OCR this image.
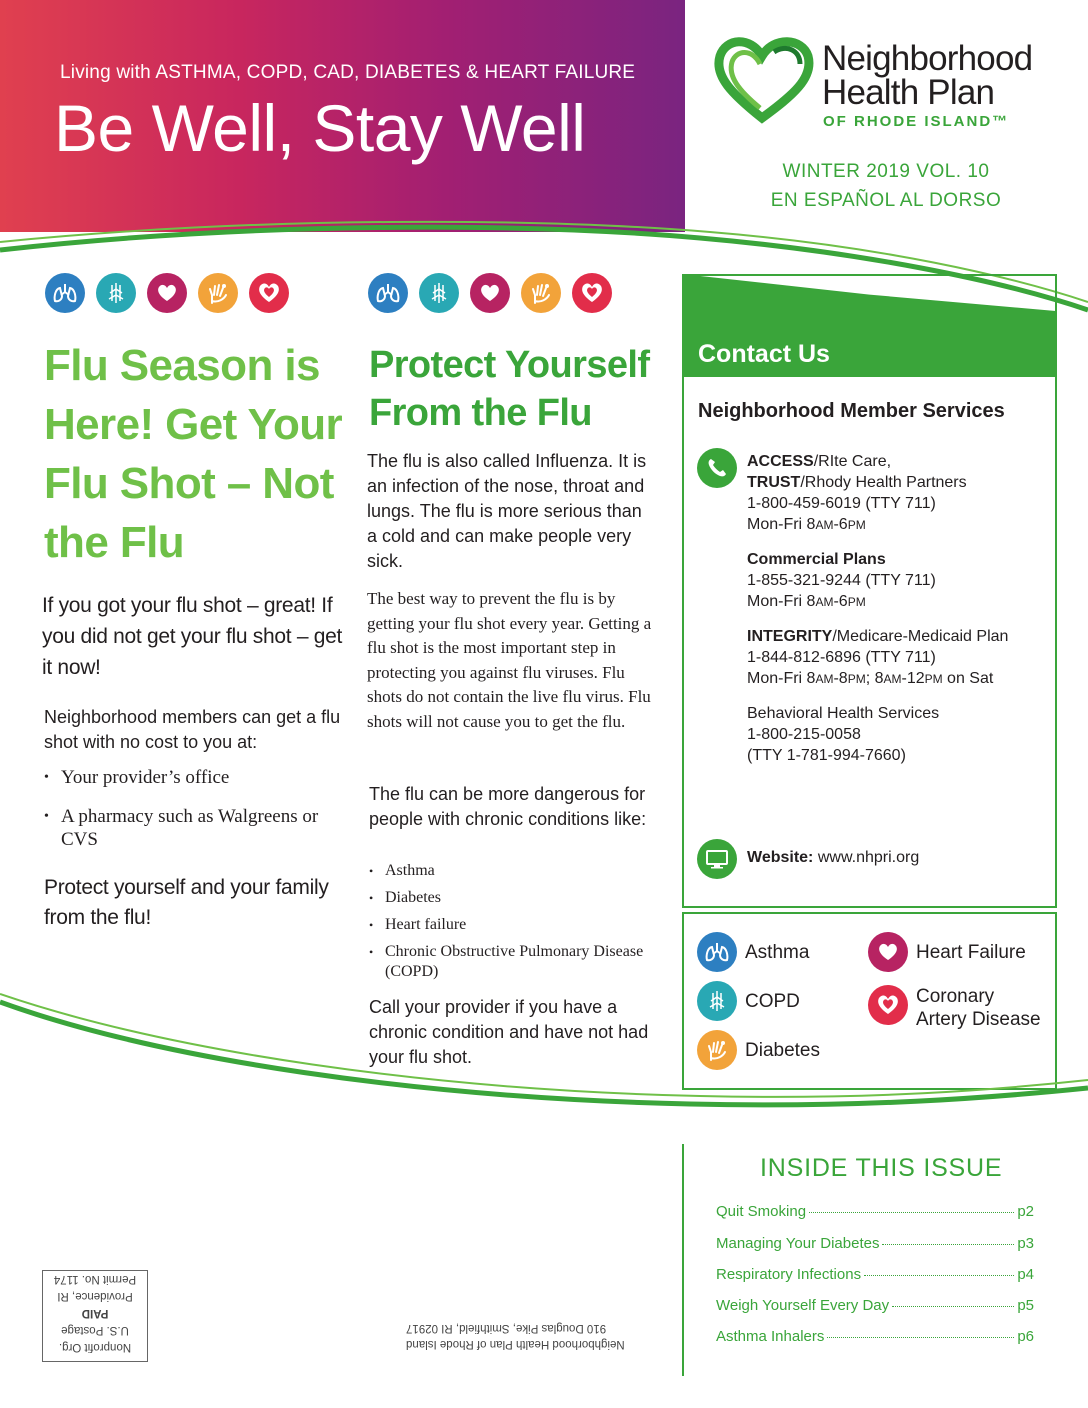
Living with ASTHMA, COPD, CAD, DIABETES & HEART FAILURE
Be Well, Stay Well
Neighborhood
Health Plan
OF RHODE ISLAND™
WINTER 2019 VOL. 10
EN ESPAÑOL AL DORSO
Flu Season is Here! Get Your Flu Shot – Not the Flu

If you got your flu shot – great! If you did not get your flu shot – get it now!

Neighborhood members can get a flu shot with no cost to you at:

• Your provider’s office
• A pharmacy such as Walgreens or CVS

Protect yourself and your family from the flu!

Protect Yourself From the Flu

The flu is also called Influenza. It is an infection of the nose, throat and lungs. The flu is more serious than a cold and can make people very sick.

The best way to prevent the flu is by getting your flu shot every year. Getting a flu shot is the most important step in protecting you against flu viruses. Flu shots do not contain the live flu virus. Flu shots will not cause you to get the flu.

The flu can be more dangerous for people with chronic conditions like:

• Asthma
• Diabetes
• Heart failure
• Chronic Obstructive Pulmonary Disease (COPD)

Call your provider if you have a chronic condition and have not had your flu shot.

Contact Us
Neighborhood Member Services
ACCESS/RIte Care,
TRUST/Rhody Health Partners
1-800-459-6019 (TTY 711)
Mon-Fri 8AM-6PM
Commercial Plans
1-855-321-9244 (TTY 711)
Mon-Fri 8AM-6PM
INTEGRITY/Medicare-Medicaid Plan
1-844-812-6896 (TTY 711)
Mon-Fri 8AM-8PM; 8AM-12PM on Sat
Behavioral Health Services
1-800-215-0058
(TTY 1-781-994-7660)
Website: www.nhpri.org
Asthma	Heart Failure
COPD	Coronary
Artery Disease
Diabetes
INSIDE THIS ISSUE
Quit Smoking	p2
Managing Your Diabetes	p3
Respiratory Infections	p4
Weigh Yourself Every Day	p5
Asthma Inhalers	p6
Nonprofit Org.
U.S. Postage
PAID
Providence, RI
Permit No. 1174
Neighborhood Health Plan of Rhode Island
910 Douglas Pike, Smithfield, RI 02917
